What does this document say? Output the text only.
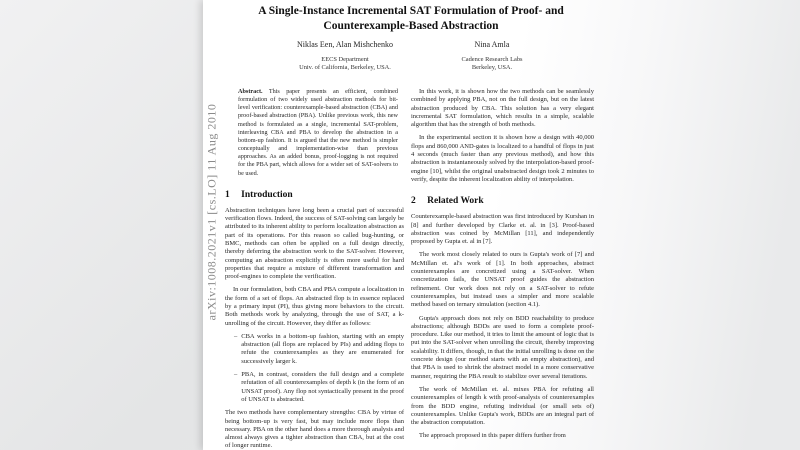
arXiv:1008.2021v1 [cs.LO] 11 Aug 2010
A Single-Instance Incremental SAT Formulation of Proof- and
Counterexample-Based Abstraction
Niklas Een, Alan Mishchenko
EECS Department
Univ. of California, Berkeley, USA.
Nina Amla
Cadence Research Labs
Berkeley, USA.

Abstract. This paper presents an efficient, combined formulation of two widely used abstraction methods for bit-level verification: counterexample-based abstraction (CBA) and proof-based abstraction (PBA). Unlike previous work, this new method is formulated as a single, incremental SAT-problem, interleaving CBA and PBA to develop the abstraction in a bottom-up fashion. It is argued that the new method is simpler conceptually and implementation-wise than previous approaches. As an added bonus, proof-logging is not required for the PBA part, which allows for a wider set of SAT-solvers to be used.

1 Introduction

Abstraction techniques have long been a crucial part of successful verification flows. Indeed, the success of SAT-solving can largely be attributed to its inherent ability to perform localization abstraction as part of its operations. For this reason so called bug-hunting, or BMC, methods can often be applied on a full design directly, thereby deferring the abstraction work to the SAT-solver. However, computing an abstraction explicitly is often more useful for hard properties that require a mixture of different transformation and proof-engines to complete the verification.

In our formulation, both CBA and PBA compute a localization in the form of a set of flops. An abstracted flop is in essence replaced by a primary input (PI), thus giving more behaviors to the circuit. Both methods work by analyzing, through the use of SAT, a k-unrolling of the circuit. However, they differ as follows:

– CBA works in a bottom-up fashion, starting with an empty abstraction (all flops are replaced by PIs) and adding flops to refute the counterexamples as they are enumerated for successively larger k.
– PBA, in contrast, considers the full design and a complete refutation of all counterexamples of depth k (in the form of an UNSAT proof). Any flop not syntactically present in the proof of UNSAT is abstracted.

The two methods have complementary strengths: CBA by virtue of being bottom-up is very fast, but may include more flops than necessary. PBA on the other hand does a more thorough analysis and almost always gives a tighter abstraction than CBA, but at the cost of longer runtime.

In this work, it is shown how the two methods can be seamlessly combined by applying PBA, not on the full design, but on the latest abstraction produced by CBA. This solution has a very elegant incremental SAT formulation, which results in a simple, scalable algorithm that has the strength of both methods.

In the experimental section it is shown how a design with 40,000 flops and 860,000 AND-gates is localized to a handful of flops in just 4 seconds (much faster than any previous method), and how this abstraction is instantaneously solved by the interpolation-based proof-engine [10], whilst the original unabstracted design took 2 minutes to verify, despite the inherent localization ability of interpolation.

2 Related Work

Counterexample-based abstraction was first introduced by Kurshan in [8] and further developed by Clarke et. al. in [3]. Proof-based abstraction was coined by McMillan [11], and independently proposed by Gupta et. al in [7].

The work most closely related to ours is Gupta's work of [7] and McMillan et. al's work of [1]. In both approaches, abstract counterexamples are concretized using a SAT-solver. When concretization fails, the UNSAT proof guides the abstraction refinement. Our work does not rely on a SAT-solver to refute counterexamples, but instead uses a simpler and more scalable method based on ternary simulation (section 4.1).

Gupta's approach does not rely on BDD reachability to produce abstractions; although BDDs are used to form a complete proof-procedure. Like our method, it tries to limit the amount of logic that is put into the SAT-solver when unrolling the circuit, thereby improving scalability. It differs, though, in that the initial unrolling is done on the concrete design (our method starts with an empty abstraction), and that PBA is used to shrink the abstract model in a more conservative manner, requiring the PBA result to stabilize over several iterations.

The work of McMillan et. al. mixes PBA for refuting all counterexamples of length k with proof-analysis of counterexamples from the BDD engine, refuting individual (or small sets of) counterexamples. Unlike Gupta's work, BDDs are an integral part of the abstraction computation.

The approach proposed in this paper differs further from
